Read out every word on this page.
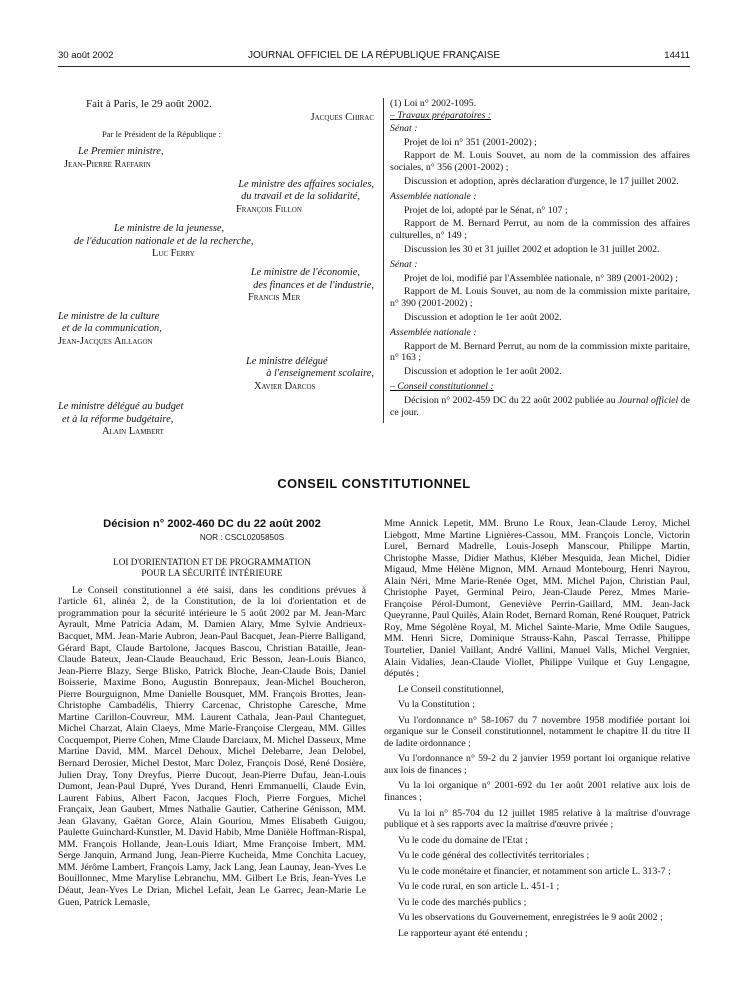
30 août 2002	JOURNAL OFFICIEL DE LA RÉPUBLIQUE FRANÇAISE	14411

Fait à Paris, le 29 août 2002.

Jacques Chirac

Par le Président de la République :

Le Premier ministre,

Jean-Pierre Raffarin

Le ministre des affaires sociales,

du travail et de la solidarité,

François Fillon

Le ministre de la jeunesse,

de l'éducation nationale et de la recherche,

Luc Ferry

Le ministre de l'économie,

des finances et de l'industrie,

Francis Mer

Le ministre de la culture

et de la communication,

Jean-Jacques Aillagon

Le ministre délégué

à l'enseignement scolaire,

Xavier Darcos

Le ministre délégué au budget

et à la réforme budgétaire,

Alain Lambert

(1) Loi n° 2002-1095.

– Travaux préparatoires :

Sénat :

Projet de loi n° 351 (2001-2002) ;

Rapport de M. Louis Souvet, au nom de la commission des affaires sociales, n° 356 (2001-2002) ;

Discussion et adoption, après déclaration d'urgence, le 17 juillet 2002.

Assemblée nationale :

Projet de loi, adopté par le Sénat, n° 107 ;

Rapport de M. Bernard Perrut, au nom de la commission des affaires culturelles, n° 149 ;

Discussion les 30 et 31 juillet 2002 et adoption le 31 juillet 2002.

Sénat :

Projet de loi, modifié par l'Assemblée nationale, n° 389 (2001-2002) ;

Rapport de M. Louis Souvet, au nom de la commission mixte paritaire, n° 390 (2001-2002) ;

Discussion et adoption le 1er août 2002.

Assemblée nationale :

Rapport de M. Bernard Perrut, au nom de la commission mixte paritaire, n° 163 ;

Discussion et adoption le 1er août 2002.

– Conseil constitutionnel :

Décision n° 2002-459 DC du 22 août 2002 publiée au Journal officiel de ce jour.

CONSEIL CONSTITUTIONNEL
Décision n° 2002-460 DC du 22 août 2002
NOR : CSCL0205850S
LOI D'ORIENTATION ET DE PROGRAMMATION
POUR LA SÉCURITÉ INTÉRIEURE
Le Conseil constitutionnel a été saisi, dans les conditions prévues à l'article 61, alinéa 2, de la Constitution, de la loi d'orientation et de programmation pour la sécurité intérieure le 5 août 2002 par M. Jean-Marc Ayrault, Mme Patricia Adam, M. Damien Alary, Mme Sylvie Andrieux-Bacquet, MM. Jean-Marie Aubron, Jean-Paul Bacquet, Jean-Pierre Balligand, Gérard Bapt, Claude Bartolone, Jacques Bascou, Christian Bataille, Jean-Claude Bateux, Jean-Claude Beauchaud, Eric Besson, Jean-Louis Bianco, Jean-Pierre Blazy, Serge Blisko, Patrick Bloche, Jean-Claude Bois, Daniel Boisserie, Maxime Bono, Augustin Bonrepaux, Jean-Michel Boucheron, Pierre Bourguignon, Mme Danielle Bousquet, MM. François Brottes, Jean-Christophe Cambadélis, Thierry Carcenac, Christophe Caresche, Mme Martine Carillon-Couvreur, MM. Laurent Cathala, Jean-Paul Chanteguet, Michel Charzat, Alain Claeys, Mme Marie-Françoise Clergeau, MM. Gilles Cocquempot, Pierre Cohen, Mme Claude Darciaux, M. Michel Dasseux, Mme Martine David, MM. Marcel Dehoux, Michel Delebarre, Jean Delobel, Bernard Derosier, Michel Destot, Marc Dolez, François Dosé, René Dosière, Julien Dray, Tony Dreyfus, Pierre Ducout, Jean-Pierre Dufau, Jean-Louis Dumont, Jean-Paul Dupré, Yves Durand, Henri Emmanuelli, Claude Evin, Laurent Fabius, Albert Facon, Jacques Floch, Pierre Forgues, Michel Françaix, Jean Gaubert, Mmes Nathalie Gautier, Catherine Génisson, MM. Jean Glavany, Gaëtan Gorce, Alain Gouriou, Mmes Elisabeth Guigou, Paulette Guinchard-Kunstler, M. David Habib, Mme Danièle Hoffman-Rispal, MM. François Hollande, Jean-Louis Idiart, Mme Françoise Imbert, MM. Serge Janquin, Armand Jung, Jean-Pierre Kucheida, Mme Conchita Lacuey, MM. Jérôme Lambert, François Lamy, Jack Lang, Jean Launay, Jean-Yves Le Bouillonnec, Mme Marylise Lebranchu, MM. Gilbert Le Bris, Jean-Yves Le Déaut, Jean-Yves Le Drian, Michel Lefait, Jean Le Garrec, Jean-Marie Le Guen, Patrick Lemasle,

Mme Annick Lepetit, MM. Bruno Le Roux, Jean-Claude Leroy, Michel Liebgott, Mme Martine Lignières-Cassou, MM. François Loncle, Victorin Lurel, Bernard Madrelle, Louis-Joseph Manscour, Philippe Martin, Christophe Masse, Didier Mathus, Kléber Mesquida, Jean Michel, Didier Migaud, Mme Hélène Mignon, MM. Arnaud Montebourg, Henri Nayrou, Alain Néri, Mme Marie-Renée Oget, MM. Michel Pajon, Christian Paul, Christophe Payet, Germinal Peiro, Jean-Claude Perez, Mmes Marie-Françoise Pérol-Dumont, Geneviève Perrin-Gaillard, MM. Jean-Jack Queyranne, Paul Quilès, Alain Rodet, Bernard Roman, René Rouquet, Patrick Roy, Mme Ségolène Royal, M. Michel Sainte-Marie, Mme Odile Saugues, MM. Henri Sicre, Dominique Strauss-Kahn, Pascal Terrasse, Philippe Tourtelier, Daniel Vaillant, André Vallini, Manuel Valls, Michel Vergnier, Alain Vidalies, Jean-Claude Viollet, Philippe Vuilque et Guy Lengagne, députés ;

Le Conseil constitutionnel,

Vu la Constitution ;

Vu l'ordonnance n° 58-1067 du 7 novembre 1958 modifiée portant loi organique sur le Conseil constitutionnel, notamment le chapitre II du titre II de ladite ordonnance ;

Vu l'ordonnance n° 59-2 du 2 janvier 1959 portant loi organique relative aux lois de finances ;

Vu la loi organique n° 2001-692 du 1er août 2001 relative aux lois de finances ;

Vu la loi n° 85-704 du 12 juillet 1985 relative à la maîtrise d'ouvrage publique et à ses rapports avec la maîtrise d'œuvre privée ;

Vu le code du domaine de l'Etat ;

Vu le code général des collectivités territoriales ;

Vu le code monétaire et financier, et notamment son article L. 313-7 ;

Vu le code rural, en son article L. 451-1 ;

Vu le code des marchés publics ;

Vu les observations du Gouvernement, enregistrées le 9 août 2002 ;

Le rapporteur ayant été entendu ;
